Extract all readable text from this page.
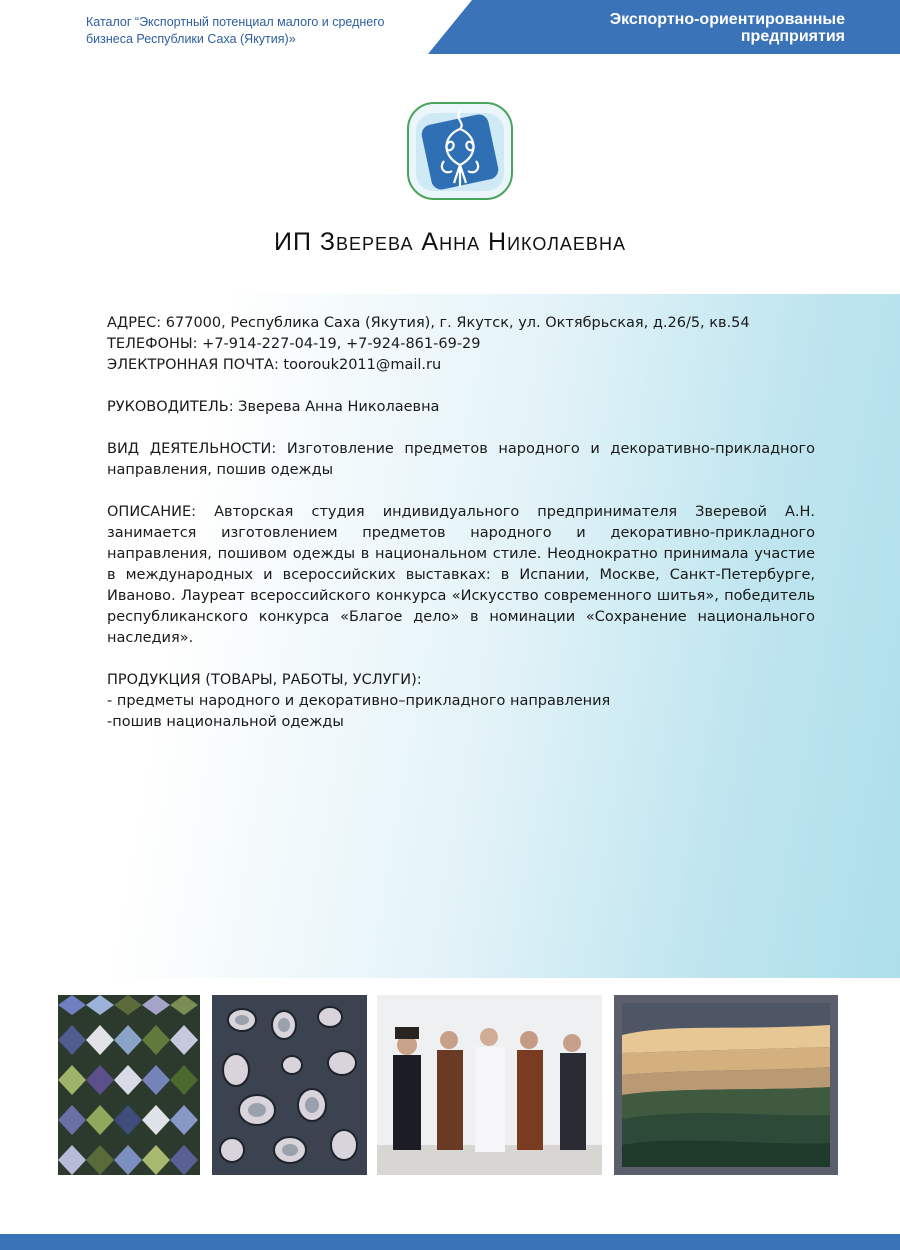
Каталог “Экспортный потенциал малого и среднего
бизнеса Республики Саха (Якутия)»
Экспортно-ориентированные
предприятия
ИП Зверева Анна Николаевна

АДРЕС: 677000, Республика Саха (Якутия), г. Якутск, ул. Октябрьская, д.26/5, кв.54

ТЕЛЕФОНЫ: +7-914-227-04-19, +7-924-861-69-29

ЭЛЕКТРОННАЯ ПОЧТА: toorouk2011@mail.ru

РУКОВОДИТЕЛЬ: Зверева Анна Николаевна

ВИД ДЕЯТЕЛЬНОСТИ: Изготовление предметов народного и декоративно-прикладного направления, пошив одежды

ОПИСАНИЕ: Авторская студия индивидуального предпринимателя Зверевой А.Н. занимается изготовлением предметов народного и декоративно-прикладного направления, пошивом одежды в национальном стиле. Неоднократно принимала участие в международных и всероссийских выставках: в Испании, Москве, Санкт-Петербурге, Иваново. Лауреат всероссийского конкурса «Искусство современного шитья», победитель республиканского конкурса «Благое дело» в номинации «Сохранение национального наследия».

ПРОДУКЦИЯ (ТОВАРЫ, РАБОТЫ, УСЛУГИ):

- предметы народного и декоративно–прикладного направления

-пошив национальной одежды
